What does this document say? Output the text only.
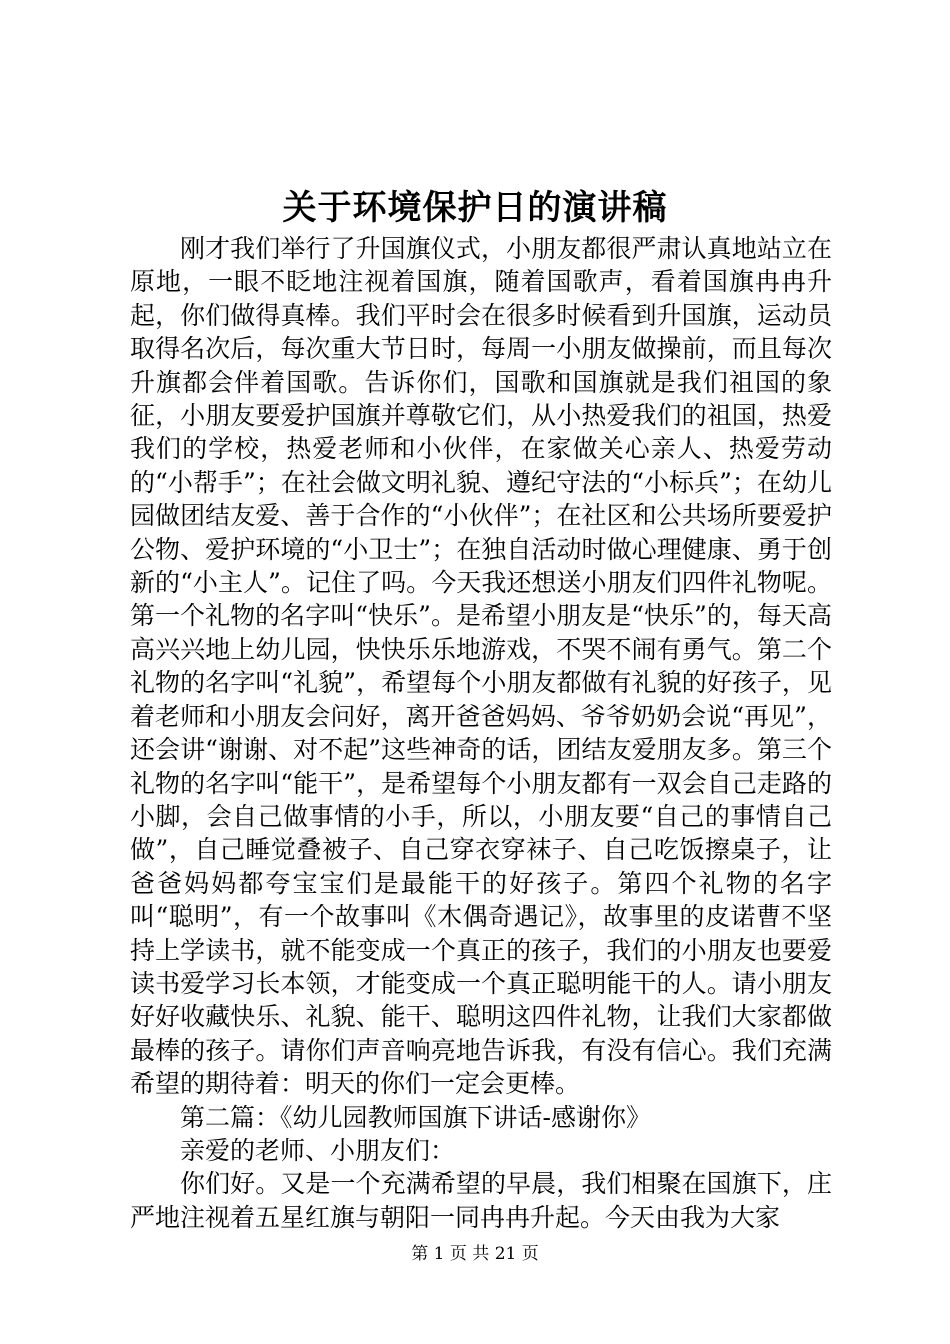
关于环境保护日的演讲稿

刚才我们举行了升国旗仪式，小朋友都很严肃认真地站立在原地，一眼不眨地注视着国旗，随着国歌声，看着国旗冉冉升起，你们做得真棒。我们平时会在很多时候看到升国旗，运动员取得名次后，每次重大节日时，每周一小朋友做操前，而且每次升旗都会伴着国歌。告诉你们，国歌和国旗就是我们祖国的象征，小朋友要爱护国旗并尊敬它们，从小热爱我们的祖国，热爱我们的学校，热爱老师和小伙伴，在家做关心亲人、热爱劳动的“小帮手”；在社会做文明礼貌、遵纪守法的“小标兵”；在幼儿园做团结友爱、善于合作的“小伙伴”；在社区和公共场所要爱护公物、爱护环境的“小卫士”；在独自活动时做心理健康、勇于创新的“小主人”。记住了吗。今天我还想送小朋友们四件礼物呢。第一个礼物的名字叫“快乐”。是希望小朋友是“快乐”的，每天高高兴兴地上幼儿园，快快乐乐地游戏，不哭不闹有勇气。第二个礼物的名字叫“礼貌”，希望每个小朋友都做有礼貌的好孩子，见着老师和小朋友会问好，离开爸爸妈妈、爷爷奶奶会说“再见”，还会讲“谢谢、对不起”这些神奇的话，团结友爱朋友多。第三个礼物的名字叫“能干”，是希望每个小朋友都有一双会自己走路的小脚，会自己做事情的小手，所以，小朋友要“自己的事情自己做”，自己睡觉叠被子、自己穿衣穿袜子、自己吃饭擦桌子，让爸爸妈妈都夸宝宝们是最能干的好孩子。第四个礼物的名字叫“聪明”，有一个故事叫《木偶奇遇记》，故事里的皮诺曹不坚持上学读书，就不能变成一个真正的孩子，我们的小朋友也要爱读书爱学习长本领，才能变成一个真正聪明能干的人。请小朋友好好收藏快乐、礼貌、能干、聪明这四件礼物，让我们大家都做最棒的孩子。请你们声音响亮地告诉我，有没有信心。我们充满希望的期待着：明天的你们一定会更棒。

第二篇：《幼儿园教师国旗下讲话-感谢你》

亲爱的老师、小朋友们：

你们好。又是一个充满希望的早晨，我们相聚在国旗下，庄严地注视着五星红旗与朝阳一同冉冉升起。今天由我为大家

第 1 页 共 21 页
